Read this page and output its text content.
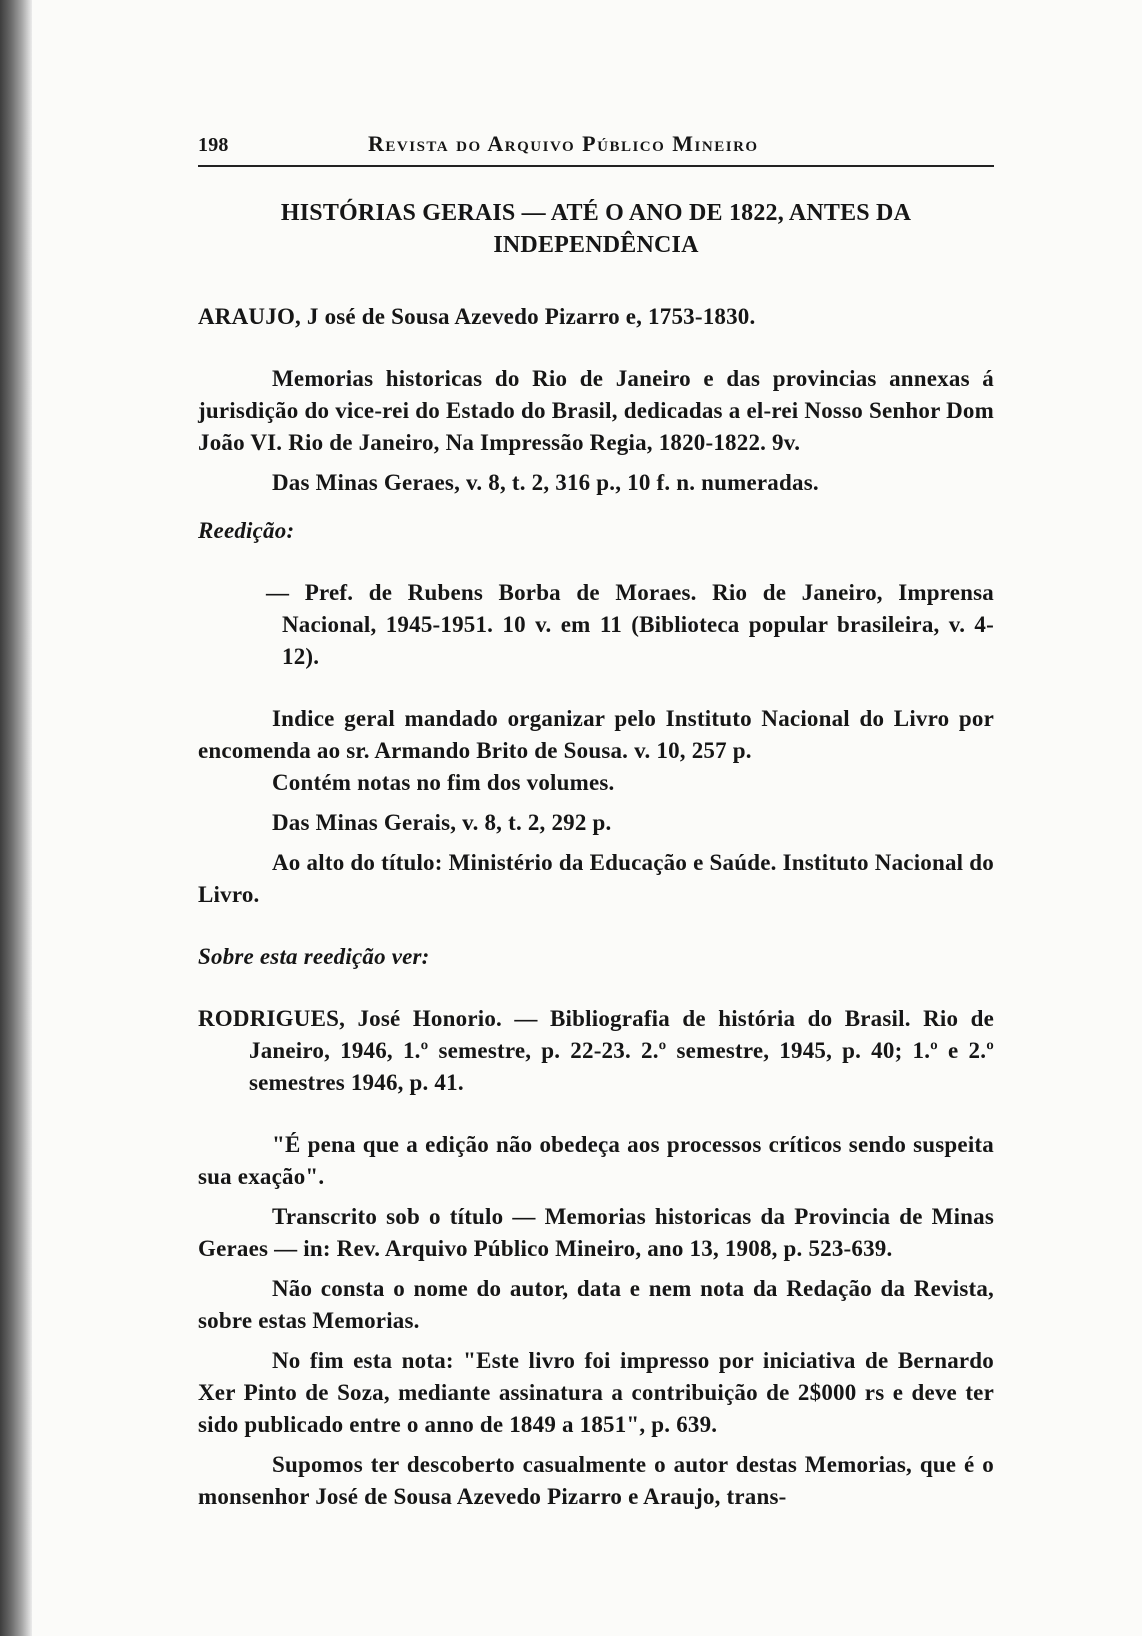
198	Revista do Arquivo Público Mineiro
HISTÓRIAS GERAIS — ATÉ O ANO DE 1822, ANTES DA
INDEPENDÊNCIA

ARAUJO, J osé de Sousa Azevedo Pizarro e, 1753-1830.

Memorias historicas do Rio de Janeiro e das provincias annexas á jurisdição do vice-rei do Estado do Brasil, dedicadas a el-rei Nosso Senhor Dom João VI. Rio de Janeiro, Na Impressão Regia, 1820-1822. 9v.

Das Minas Geraes, v. 8, t. 2, 316 p., 10 f. n. numeradas.

Reedição:

— Pref. de Rubens Borba de Moraes. Rio de Janeiro, Imprensa Nacional, 1945-1951. 10 v. em 11 (Biblioteca popular brasileira, v. 4-12).

Indice geral mandado organizar pelo Instituto Nacional do Livro por encomenda ao sr. Armando Brito de Sousa. v. 10, 257 p.

Contém notas no fim dos volumes.

Das Minas Gerais, v. 8, t. 2, 292 p.

Ao alto do título: Ministério da Educação e Saúde. Instituto Nacional do Livro.

Sobre esta reedição ver:

RODRIGUES, José Honorio. — Bibliografia de história do Brasil. Rio de Janeiro, 1946, 1.º semestre, p. 22-23. 2.º semestre, 1945, p. 40; 1.º e 2.º semestres 1946, p. 41.

"É pena que a edição não obedeça aos processos críticos sendo suspeita sua exação".

Transcrito sob o título — Memorias historicas da Provincia de Minas Geraes — in: Rev. Arquivo Público Mineiro, ano 13, 1908, p. 523-639.

Não consta o nome do autor, data e nem nota da Redação da Revista, sobre estas Memorias.

No fim esta nota: "Este livro foi impresso por iniciativa de Bernardo Xer Pinto de Soza, mediante assinatura a contribuição de 2$000 rs e deve ter sido publicado entre o anno de 1849 a 1851", p. 639.

Supomos ter descoberto casualmente o autor destas Memorias, que é o monsenhor José de Sousa Azevedo Pizarro e Araujo, trans-
